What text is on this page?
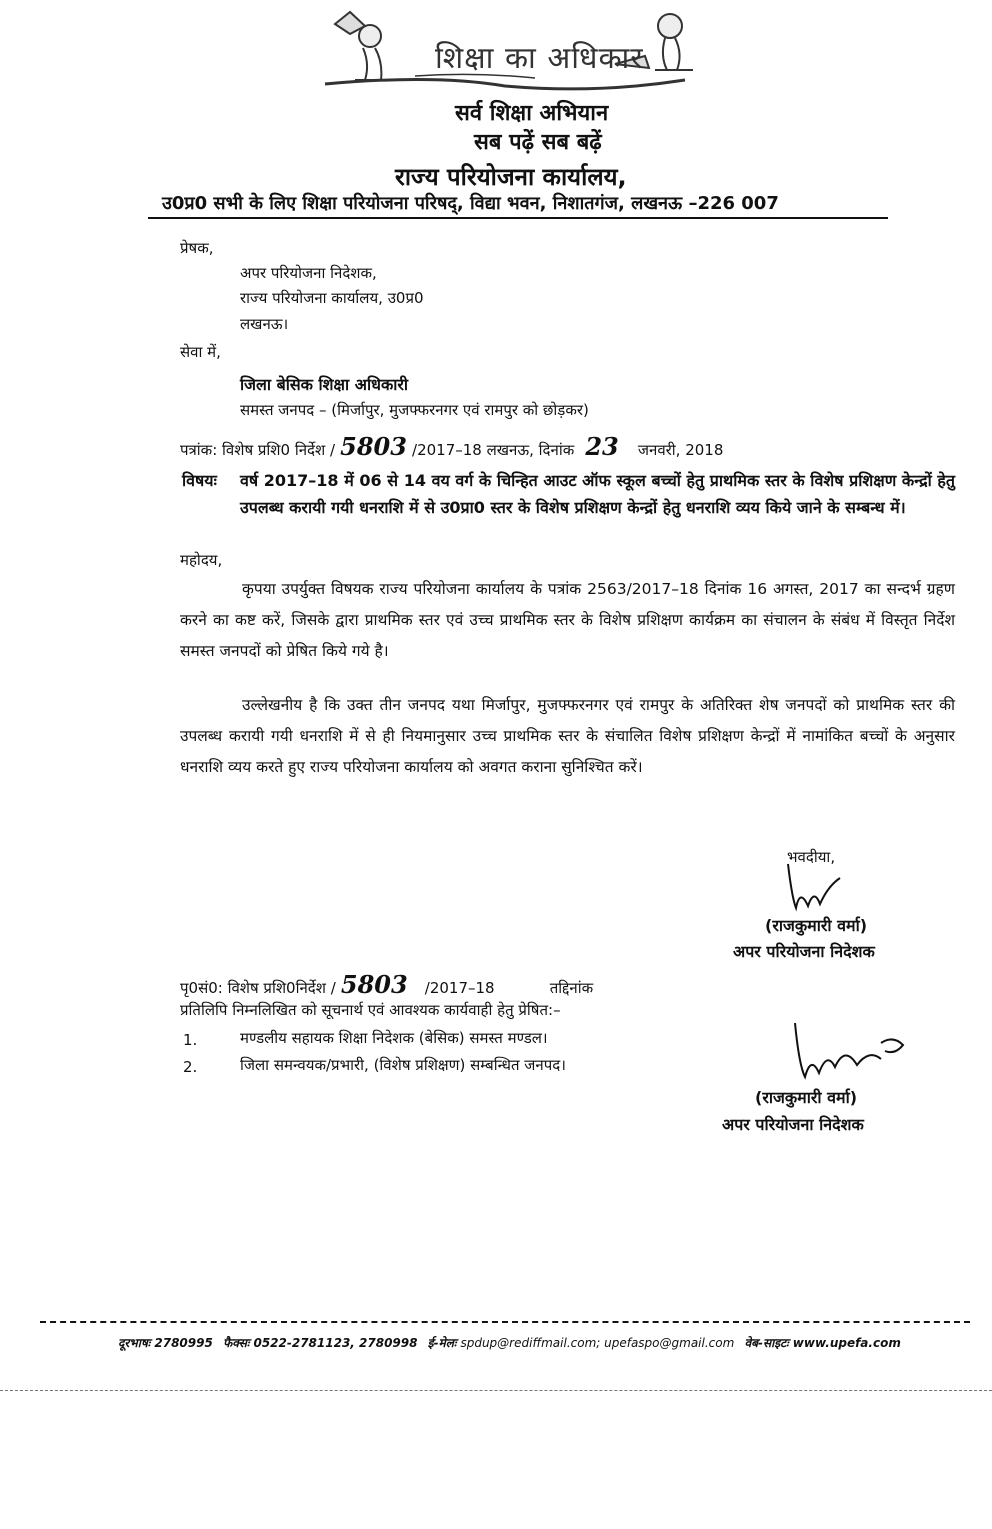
शिक्षा का अधिकार
सर्व शिक्षा अभियान
सब पढ़ें सब बढ़ें
राज्य परियोजना कार्यालय,
उ0प्र0 सभी के लिए शिक्षा परियोजना परिषद्, विद्या भवन, निशातगंज, लखनऊ –226 007
प्रेषक,
अपर परियोजना निदेशक,
राज्य परियोजना कार्यालय, उ0प्र0
लखनऊ।
सेवा में,
जिला बेसिक शिक्षा अधिकारी
समस्त जनपद – (मिर्जापुर, मुजफ्फरनगर एवं रामपुर को छोड़कर)
पत्रांक: विशेष प्रशि0 निर्देश / 5803 /2017–18 लखनऊ, दिनांक 23 जनवरी, 2018
विषयः वर्ष 2017–18 में 06 से 14 वय वर्ग के चिन्हित आउट ऑफ स्कूल बच्चों हेतु प्राथमिक स्तर के विशेष प्रशिक्षण केन्द्रों हेतु उपलब्ध करायी गयी धनराशि में से उ0प्रा0 स्तर के विशेष प्रशिक्षण केन्द्रों हेतु धनराशि व्यय किये जाने के सम्बन्ध में।
महोदय,
कृपया उपर्युक्त विषयक राज्य परियोजना कार्यालय के पत्रांक 2563/2017–18 दिनांक 16 अगस्त, 2017 का सन्दर्भ ग्रहण करने का कष्ट करें, जिसके द्वारा प्राथमिक स्तर एवं उच्च प्राथमिक स्तर के विशेष प्रशिक्षण कार्यक्रम का संचालन के संबंध में विस्तृत निर्देश समस्त जनपदों को प्रेषित किये गये है।
उल्लेखनीय है कि उक्त तीन जनपद यथा मिर्जापुर, मुजफ्फरनगर एवं रामपुर के अतिरिक्त शेष जनपदों को प्राथमिक स्तर की उपलब्ध करायी गयी धनराशि में से ही नियमानुसार उच्च प्राथमिक स्तर के संचालित विशेष प्रशिक्षण केन्द्रों में नामांकित बच्चों के अनुसार धनराशि व्यय करते हुए राज्य परियोजना कार्यालय को अवगत कराना सुनिश्चित करें।
भवदीया,
(राजकुमारी वर्मा)
अपर परियोजना निदेशक
पृ0सं0: विशेष प्रशि0निर्देश / 5803 /2017–18	तद्दिनांक
प्रतिलिपि निम्नलिखित को सूचनार्थ एवं आवश्यक कार्यवाही हेतु प्रेषित:–
1.	मण्डलीय सहायक शिक्षा निदेशक (बेसिक) समस्त मण्डल।
2.	जिला समन्वयक/प्रभारी, (विशेष प्रशिक्षण) सम्बन्धित जनपद।
(राजकुमारी वर्मा)
अपर परियोजना निदेशक
दूरभाषः 2780995 फैक्सः 0522-2781123, 2780998 ई-मेलः spdup@rediffmail.com; upefaspo@gmail.com वेब-साइटः www.upefa.com
